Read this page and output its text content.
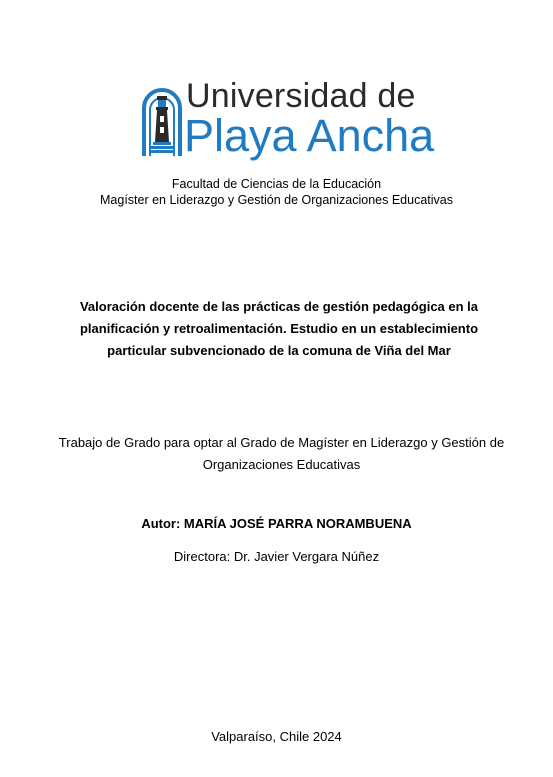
Universidad de
Playa Ancha
Facultad de Ciencias de la Educación
Magíster en Liderazgo y Gestión de Organizaciones Educativas
Valoración docente de las prácticas de gestión pedagógica en la planificación y retroalimentación. Estudio en un establecimiento particular subvencionado de la comuna de Viña del Mar
Trabajo de Grado para optar al Grado de Magíster en Liderazgo y Gestión de Organizaciones Educativas
Autor: MARÍA JOSÉ PARRA NORAMBUENA
Directora: Dr. Javier Vergara Núñez
Valparaíso, Chile 2024
